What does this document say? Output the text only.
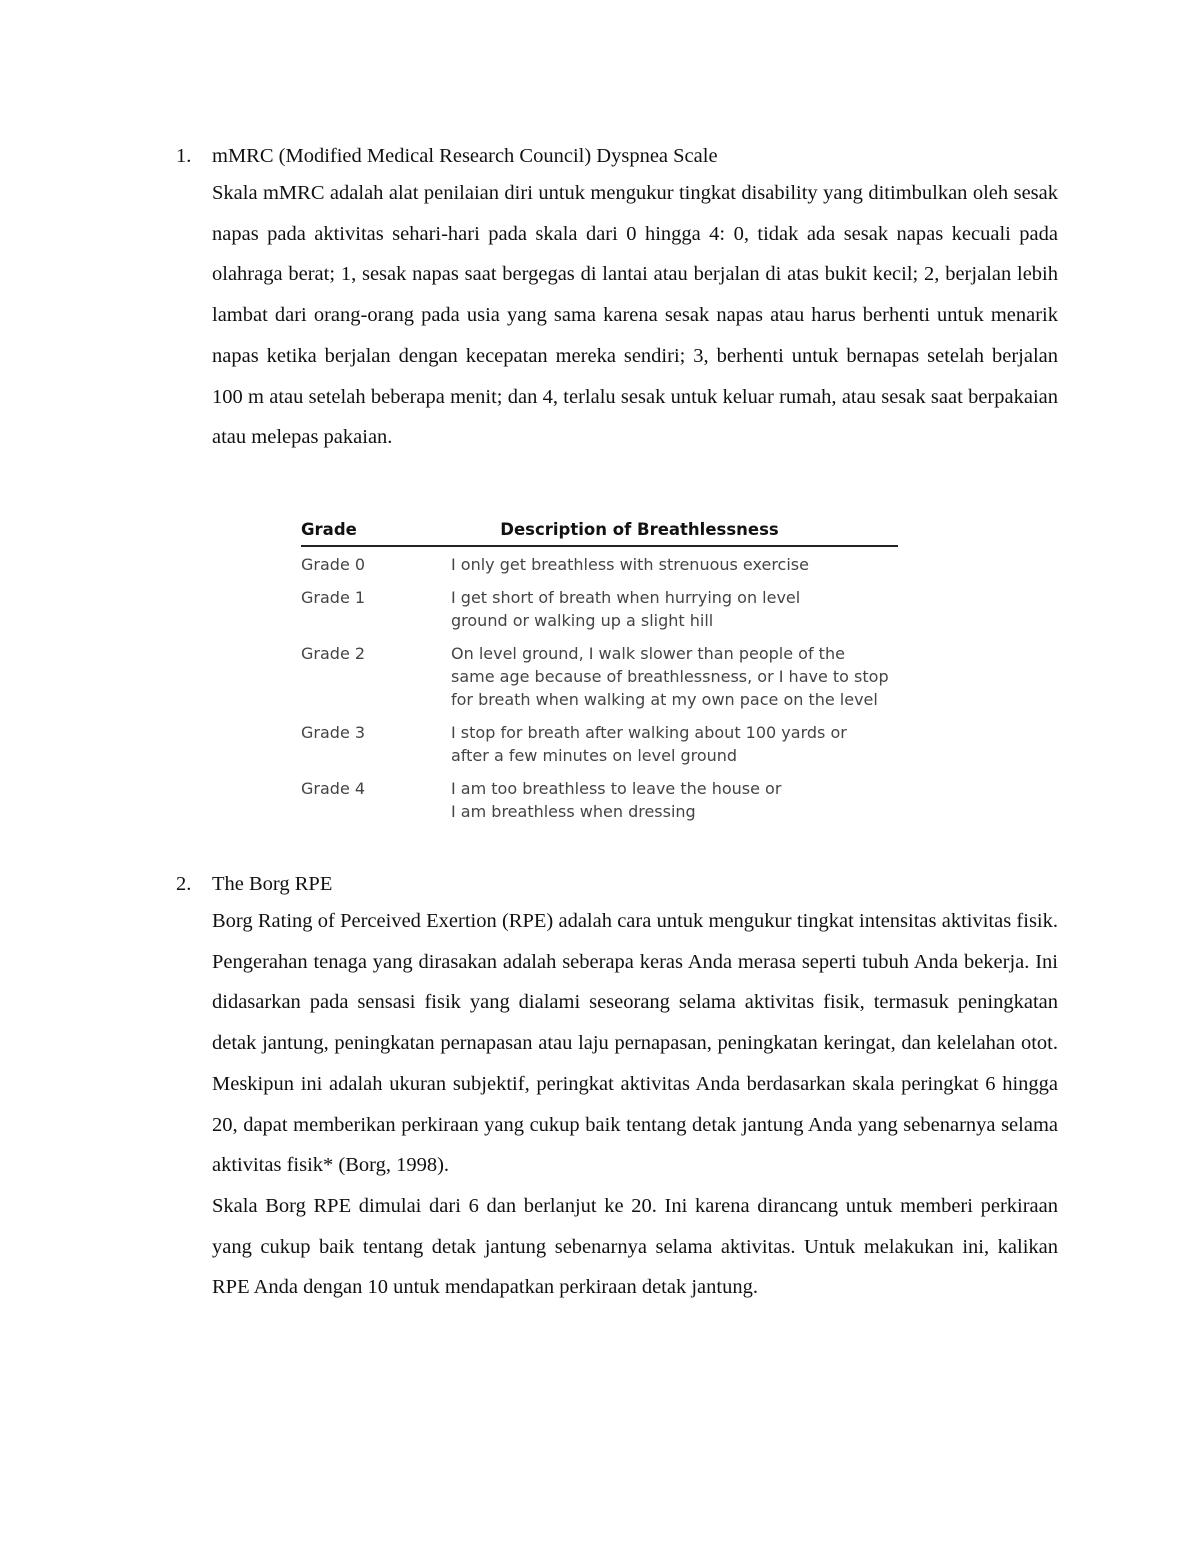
1.	mMRC (Modified Medical Research Council) Dyspnea Scale
Skala mMRC adalah alat penilaian diri untuk mengukur tingkat disability yang ditimbulkan oleh sesak napas pada aktivitas sehari-hari pada skala dari 0 hingga 4: 0, tidak ada sesak napas kecuali pada olahraga berat; 1, sesak napas saat bergegas di lantai atau berjalan di atas bukit kecil; 2, berjalan lebih lambat dari orang-orang pada usia yang sama karena sesak napas atau harus berhenti untuk menarik napas ketika berjalan dengan kecepatan mereka sendiri; 3, berhenti untuk bernapas setelah berjalan 100 m atau setelah beberapa menit; dan 4, terlalu sesak untuk keluar rumah, atau sesak saat berpakaian atau melepas pakaian.
Grade	Description of Breathlessness
Grade 0	I only get breathless with strenuous exercise
Grade 1	I get short of breath when hurrying on level
ground or walking up a slight hill
Grade 2	On level ground, I walk slower than people of the
same age because of breathlessness, or I have to stop
for breath when walking at my own pace on the level
Grade 3	I stop for breath after walking about 100 yards or
after a few minutes on level ground
Grade 4	I am too breathless to leave the house or
I am breathless when dressing
2.	The Borg RPE
Borg Rating of Perceived Exertion (RPE) adalah cara untuk mengukur tingkat intensitas aktivitas fisik. Pengerahan tenaga yang dirasakan adalah seberapa keras Anda merasa seperti tubuh Anda bekerja. Ini didasarkan pada sensasi fisik yang dialami seseorang selama aktivitas fisik, termasuk peningkatan detak jantung, peningkatan pernapasan atau laju pernapasan, peningkatan keringat, dan kelelahan otot. Meskipun ini adalah ukuran subjektif, peringkat aktivitas Anda berdasarkan skala peringkat 6 hingga 20, dapat memberikan perkiraan yang cukup baik tentang detak jantung Anda yang sebenarnya selama aktivitas fisik* (Borg, 1998).
Skala Borg RPE dimulai dari 6 dan berlanjut ke 20. Ini karena dirancang untuk memberi perkiraan yang cukup baik tentang detak jantung sebenarnya selama aktivitas. Untuk melakukan ini, kalikan RPE Anda dengan 10 untuk mendapatkan perkiraan detak jantung.
